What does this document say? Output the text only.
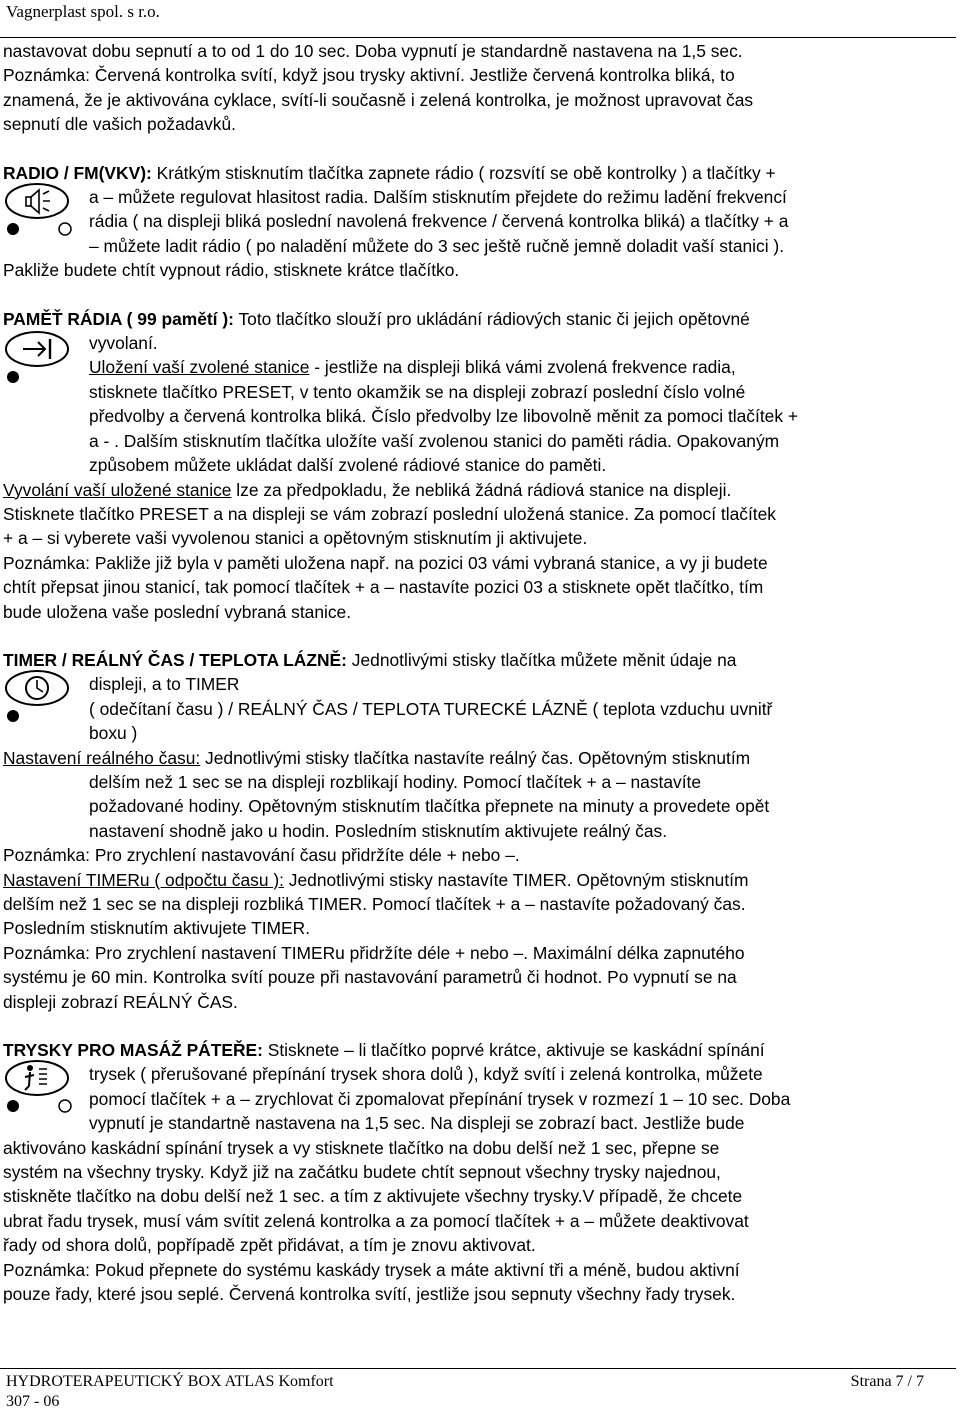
Vagnerplast spol. s r.o.

nastavovat dobu sepnutí a to od 1 do 10 sec. Doba vypnutí je standardně nastavena na 1,5 sec.

Poznámka: Červená kontrolka svítí, když jsou trysky aktivní. Jestliže červená kontrolka bliká, to

znamená, že je aktivována cyklace, svítí-li současně i zelená kontrolka, je možnost upravovat čas

sepnutí dle vašich požadavků.

RADIO / FM(VKV): Krátkým stisknutím tlačítka zapnete rádio ( rozsvítí se obě kontrolky ) a tlačítky +

a – můžete regulovat hlasitost radia. Dalším stisknutím přejdete do režimu ladění frekvencí

rádia ( na displeji bliká poslední navolená frekvence / červená kontrolka bliká) a tlačítky + a

– můžete ladit rádio ( po naladění můžete do 3 sec ještě ručně jemně doladit vaší stanici ).

Pakliže budete chtít vypnout rádio, stisknete krátce tlačítko.

PAMĚŤ RÁDIA ( 99 pamětí ): Toto tlačítko slouží pro ukládání rádiových stanic či jejich opětovné

vyvolaní.

Uložení vaší zvolené stanice - jestliže na displeji bliká vámi zvolená frekvence radia,

stisknete tlačítko PRESET, v tento okamžik se na displeji zobrazí poslední číslo volné

předvolby a červená kontrolka bliká. Číslo předvolby lze libovolně měnit za pomoci tlačítek +

a - . Dalším stisknutím tlačítka uložíte vaší zvolenou stanici do paměti rádia. Opakovaným

způsobem můžete ukládat další zvolené rádiové stanice do paměti.

Vyvolání vaší uložené stanice lze za předpokladu, že nebliká žádná rádiová stanice na displeji.

Stisknete tlačítko PRESET a na displeji se vám zobrazí poslední uložená stanice. Za pomocí tlačítek

+ a – si vyberete vaši vyvolenou stanici a opětovným stisknutím ji aktivujete.

Poznámka: Pakliže již byla v paměti uložena např. na pozici 03 vámi vybraná stanice, a vy ji budete

chtít přepsat jinou stanicí, tak pomocí tlačítek + a – nastavíte pozici 03 a stisknete opět tlačítko, tím

bude uložena vaše poslední vybraná stanice.

TIMER / REÁLNÝ ČAS / TEPLOTA LÁZNĚ: Jednotlivými stisky tlačítka můžete měnit údaje na

displeji, a to TIMER

( odečítaní času ) / REÁLNÝ ČAS / TEPLOTA TURECKÉ LÁZNĚ ( teplota vzduchu uvnitř

boxu )

Nastavení reálného času: Jednotlivými stisky tlačítka nastavíte reálný čas. Opětovným stisknutím

delším než 1 sec se na displeji rozblikají hodiny. Pomocí tlačítek + a – nastavíte

požadované hodiny. Opětovným stisknutím tlačítka přepnete na minuty a provedete opět

nastavení shodně jako u hodin. Posledním stisknutím aktivujete reálný čas.

Poznámka: Pro zrychlení nastavování času přidržíte déle + nebo –.

Nastavení TIMERu ( odpočtu času ): Jednotlivými stisky nastavíte TIMER. Opětovným stisknutím

delším než 1 sec se na displeji rozbliká TIMER. Pomocí tlačítek + a – nastavíte požadovaný čas.

Posledním stisknutím aktivujete TIMER.

Poznámka: Pro zrychlení nastavení TIMERu přidržíte déle + nebo –. Maximální délka zapnutého

systému je 60 min. Kontrolka svítí pouze při nastavování parametrů či hodnot. Po vypnutí se na

displeji zobrazí REÁLNÝ ČAS.

TRYSKY PRO MASÁŽ PÁTEŘE: Stisknete – li tlačítko poprvé krátce, aktivuje se kaskádní spínání

trysek ( přerušované přepínání trysek shora dolů ), když svítí i zelená kontrolka, můžete

pomocí tlačítek + a – zrychlovat či zpomalovat přepínání trysek v rozmezí 1 – 10 sec. Doba

vypnutí je standartně nastavena na 1,5 sec. Na displeji se zobrazí bact. Jestliže bude

aktivováno kaskádní spínání trysek a vy stisknete tlačítko na dobu delší než 1 sec, přepne se

systém na všechny trysky. Když již na začátku budete chtít sepnout všechny trysky najednou,

stiskněte tlačítko na dobu delší než 1 sec. a tím z aktivujete všechny trysky.V případě, že chcete

ubrat řadu trysek, musí vám svítit zelená kontrolka a za pomocí tlačítek + a – můžete deaktivovat

řady od shora dolů, popřípadě zpět přidávat, a tím je znovu aktivovat.

Poznámka: Pokud přepnete do systému kaskády trysek a máte aktivní tři a méně, budou aktivní

pouze řady, které jsou seplé. Červená kontrolka svítí, jestliže jsou sepnuty všechny řady trysek.

HYDROTERAPEUTICKÝ BOX ATLAS Komfort	Strana 7 / 7
307 - 06
